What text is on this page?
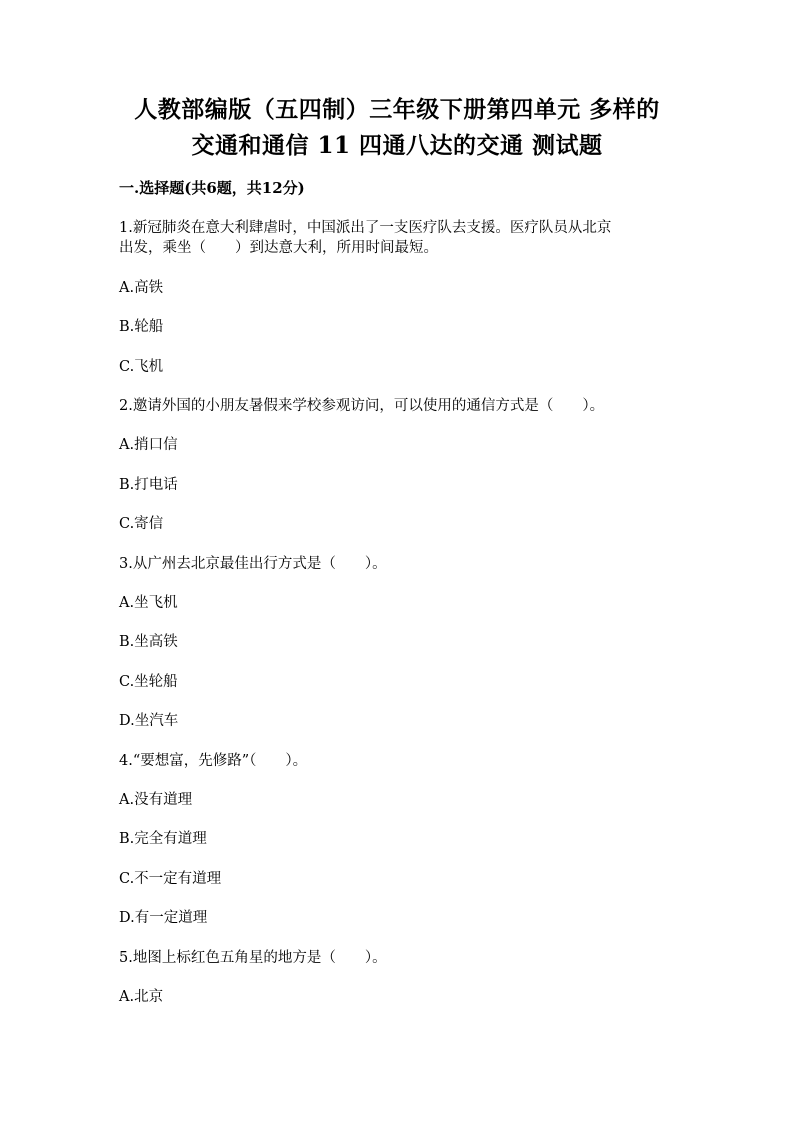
人教部编版（五四制）三年级下册第四单元 多样的
交通和通信 11 四通八达的交通 测试题
一.选择题(共6题，共12分)
1.新冠肺炎在意大利肆虐时，中国派出了一支医疗队去支援。医疗队员从北京
出发，乘坐（　　）到达意大利，所用时间最短。
A.高铁
B.轮船
C.飞机
2.邀请外国的小朋友暑假来学校参观访问，可以使用的通信方式是（　　）。
A.捎口信
B.打电话
C.寄信
3.从广州去北京最佳出行方式是（　　）。
A.坐飞机
B.坐高铁
C.坐轮船
D.坐汽车
4.“要想富，先修路”（　　）。
A.没有道理
B.完全有道理
C.不一定有道理
D.有一定道理
5.地图上标红色五角星的地方是（　　）。
A.北京
